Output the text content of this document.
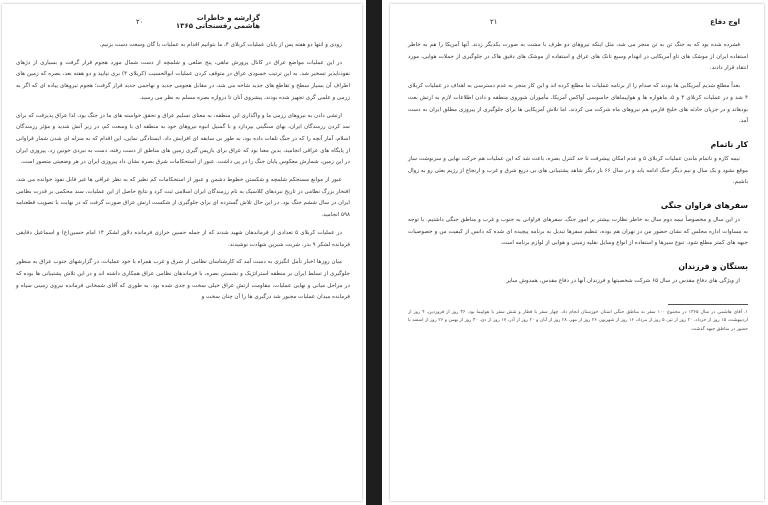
۲۰	گزارشه و خاطرات
هاشمی رفسنجانی ۱۳۶۵

زودی و انتها دو هفته پس از پایان عملیات کربلای ۴، ما بتوانیم اقدام به عملیات با گان وسعت دست بزنیم.

در این عملیات مواضع عراق در کانال پرورش ماهی، پنج ضلعی و شلمچه از دست شمال مورد هجوم قرار گرفت و بسیاری از دژهای نفوذناپذیر تسخیر شد. به این ترتیب خسودی عراق در متوقف کردن عملیات ابوالحسیب (کربلای ۴) بری نپایید و دو هفته بعد، بصره که زمین های اطراف آن بسیار سطح و تقاطع های جدید شاخه می شد، در مقابل هجومی جدید و تهاجمی جدید قرار گرفت؛ هجوم نیروهای پیاده ای که اگر به زرمی و علمی گری تجهیز شده بودند، پیشروی آنان تا دروازه بصره مسلم به نظر می رسید.

ارتشی دادن به نیروهای رزمی ما و واگذاری این منطقه، به معنای تسلیم عراق و تحقق خواسته های ما در جنگ بود، لذا عراق پذیرفت که برای سد کردن رزمندگان ایران، بهای سنگینی بپردازد و با گسیل انبوه نیروهای خود به منطقه ای با وسعت کم، در زیر آتش شدید و مؤثر رزمندگان اسلام، آمار آنچه را که در جنگ تلفات داده بود، به طور بی سابقه ای افزایش داد. ایستادگی نمایی، این اقدام که به منزله ای شدن شمار قراوانی از پایگاه های عراقی انجامید، بدین معنا بود که عراق برای بازپس گیری زمین های مناطق از دست رفته، دست به نبردی خونین زد. پیروزی ایران در این زمین، شمارش معکوس پایان جنگ را در پی داشت. عبور از استحکامات شرق بصره نشان داد پیروزی ایران در هر وضعیتی متصور است.

عبور از موانع مستحکم شلمچه و شکستن خطوط دشمن و عبور از استحکامات کم نظیر که به نظر عراقی ها غیر قابل نفوذ خوانده می شد، افتخار بزرگ نظامی در تاریخ نبردهای کلاسیک به نام رزمندگان ایران اسلامی ثبت کرد و نتایج حاصل از این عملیات، سند محکمی بر قدرت نظامی ایران در سال ششم جنگ بود. در این حال تلاش گسترده ای برای جلوگیری از شکست ارتش عراق صورت گرفت که در نهایت با تصویب قطعنامه ۵۹۸ انجامید.

در عملیات کربلای ۵ تعدادی از فرماندهان شهید شدند که از جمله حسین خرازی فرمانده دلاور لشکر ۱۴ امام حسین(ع) و اسماعیل دقایقی فرمانده لشکر ۹ بدر، شربت شیرین شهادت نوشیدند.

میان روزها اخبار تأمل انگیزی به دست آمد که کارشناسان نظامی از شرق و غرب همراه با خود عملیات، در گزارشهای جنوب عراق به منظور جلوگیری از تسلط ایران بر منطقه استراتژیک و نشستن بصره، با فرماندهان نظامی عراق همکاری داشته اند و در این تلاش پشتیبانی ها بوده که در مراحل میانی و نهایی عملیات، مقاومت ارتش عراق خیلی سخت و جدی شده بود. به طوری که آقای شمخانی فرمانده نیروی زمینی سپاه و فرمانده میدان عملیات مجبور شد درگیری ها را آن چنان سخت و

۲۱	اوج دفاع

فشرده شده بود که به جنگ تن به تن منجر می شد، مثل اینکه نیروهای دو طرف با مشت به صورت یکدیگر زدند. آنها آمریکا را هم به خاطر استفاده ایران از موشک های تاو آمریکایی در انهدام وسیع تانک های عراق و استفاده از موشک های دقیق هاک در جلوگیری از حملات هوایی، مورد انتقاد قرار دادند.

بعداً مطلع شدیم آمریکایی ها بودند که صدام را از برنامه عملیات ما مطلع کرده اند و این کار منجر به عدم دسترسی به اهداف در عملیات کربلای ۴ شد و در عملیات کربلای ۴ و ۵، ماهواره ها و هواپیماهای جاسوسی آواکس آمریکا، مأموران شوروی منطقه و دادن اطلاعات لازم به ارتش بعث بودهاند و در جریان حادثه های خلیج فارس هم نیروهای ماه شرکت می کردند. اما تلاش آمریکایی ها برای جلوگیری از پیروزی مطلق ایران به دست آمد.

کار ناتمام

نیمه کاره و ناتمام ماندن عملیات کربلای ۵ و عدم امکان پیشرفت تا حد کنترل بصره، باعث شد که این عملیات هم حرکت نهایی و سرنوشت ساز موقع نشود و یک سال و نیم دیگر جنگ ادامه یابد و در سال ۶۶ بار دیگر شاهد پشتیبانی های بی دریغ شرق و غرب و ارتجاع از رژیم بعثی رو به زوال باشیم.

سفرهای فراوان جنگی

در این سال و مخصوصاً نیمه دوم سال به خاطر نظارت بیشتر بر امور جنگ، سفرهای فراوانی به جنوب و غرب و مناطق جنگی داشتیم. با توجه به مساوات اداره مجلس که نشان حضور من در تهران هم بوده، تنظیم سفرها تبدیل به برنامه پیچیده ای شده که دانس از کیفیت من و خصوصیات جبهه های کمتر مطلع شود. تنوع سیرها و استفاده از انواع وسایل نقلیه زمینی و هوایی از لوازم برنامه است.

بستگان و فرزندان

از ویژگی های دفاع مقدس در سال ۶۵ شرکت شخصیتها و فرزندان آنها در دفاع مقدس، همدوش سایر

۱. آقای هاشمی در سال ۱۳۶۵ در مجموع ۱۰۰ سفر به مناطق جنگی استان خوزستان انجام داد. چهار سفر با قطار و شش سفر با هواپیما بود. ۳۶ روز از فروردین، ۴ روز از اردیبهشت، ۱۵ روز از خرداد، ۲۰ روز از تیر، ۵ روز از مرداد، ۱۶ روز از شهریور، ۲۶ روز از مهر، ۲۸ روز از آبان و ۲۰ روز از آذر، ۱۷ روز از دی، ۳۰ روز از بهمن و ۲۶ روز از اسفند با حضور در مناطق جبهه گذشت.
